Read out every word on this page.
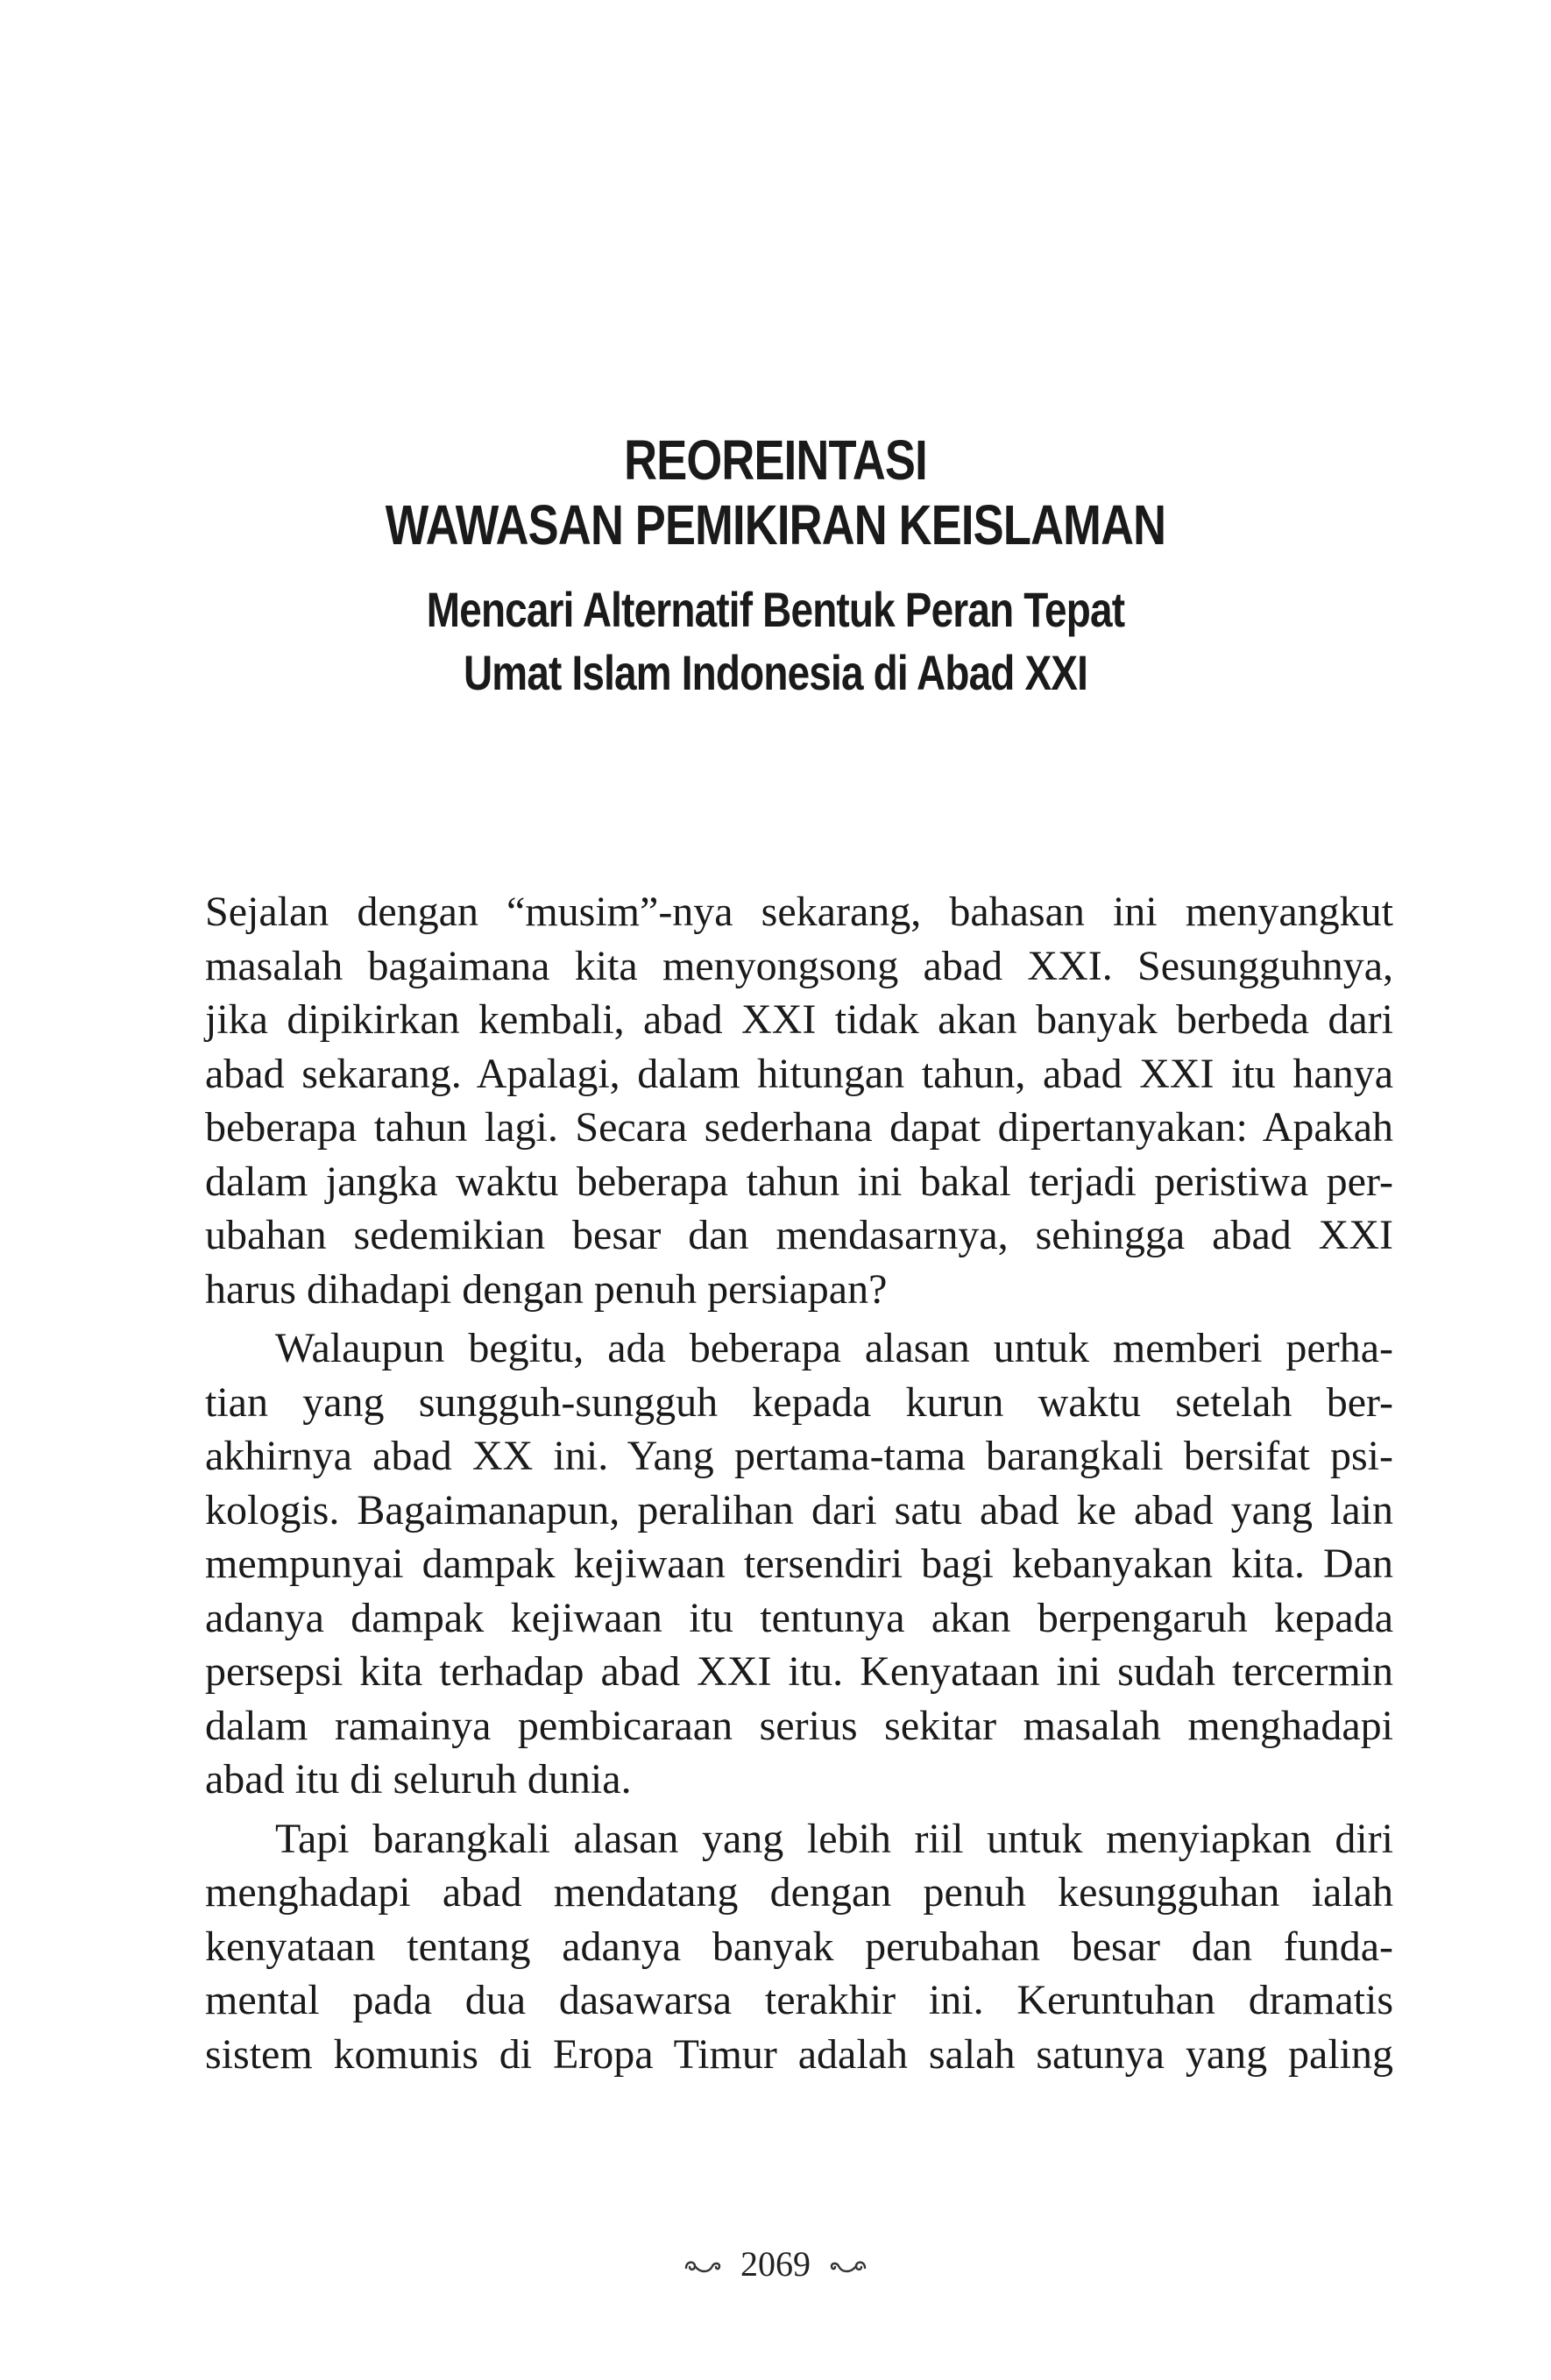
REOREINTASI
WAWASAN PEMIKIRAN KEISLAMAN
Mencari Alternatif Bentuk Peran Tepat
Umat Islam Indonesia di Abad XXI

Sejalan dengan “musim”-nya sekarang, bahasan ini menyangkut
masalah bagaimana kita menyongsong abad XXI. Sesungguhnya,
jika dipikirkan kembali, abad XXI tidak akan banyak berbeda dari
abad sekarang. Apalagi, dalam hitungan tahun, abad XXI itu hanya
beberapa tahun lagi. Secara sederhana dapat dipertanyakan: Apakah
dalam jangka waktu beberapa tahun ini bakal terjadi peristiwa per-
ubahan sedemikian besar dan mendasarnya, sehingga abad XXI
harus dihadapi dengan penuh persiapan?

Walaupun begitu, ada beberapa alasan untuk memberi perha-
tian yang sungguh-sungguh kepada kurun waktu setelah ber-
akhirnya abad XX ini. Yang pertama-tama barangkali bersifat psi-
kologis. Bagaimanapun, peralihan dari satu abad ke abad yang lain
mempunyai dampak kejiwaan tersendiri bagi kebanyakan kita. Dan
adanya dampak kejiwaan itu tentunya akan berpengaruh kepada
persepsi kita terhadap abad XXI itu. Kenyataan ini sudah tercermin
dalam ramainya pembicaraan serius sekitar masalah menghadapi
abad itu di seluruh dunia.

Tapi barangkali alasan yang lebih riil untuk menyiapkan diri
menghadapi abad mendatang dengan penuh kesungguhan ialah
kenyataan tentang adanya banyak perubahan besar dan funda-
mental pada dua dasawarsa terakhir ini. Keruntuhan dramatis
sistem komunis di Eropa Timur adalah salah satunya yang paling

2069
